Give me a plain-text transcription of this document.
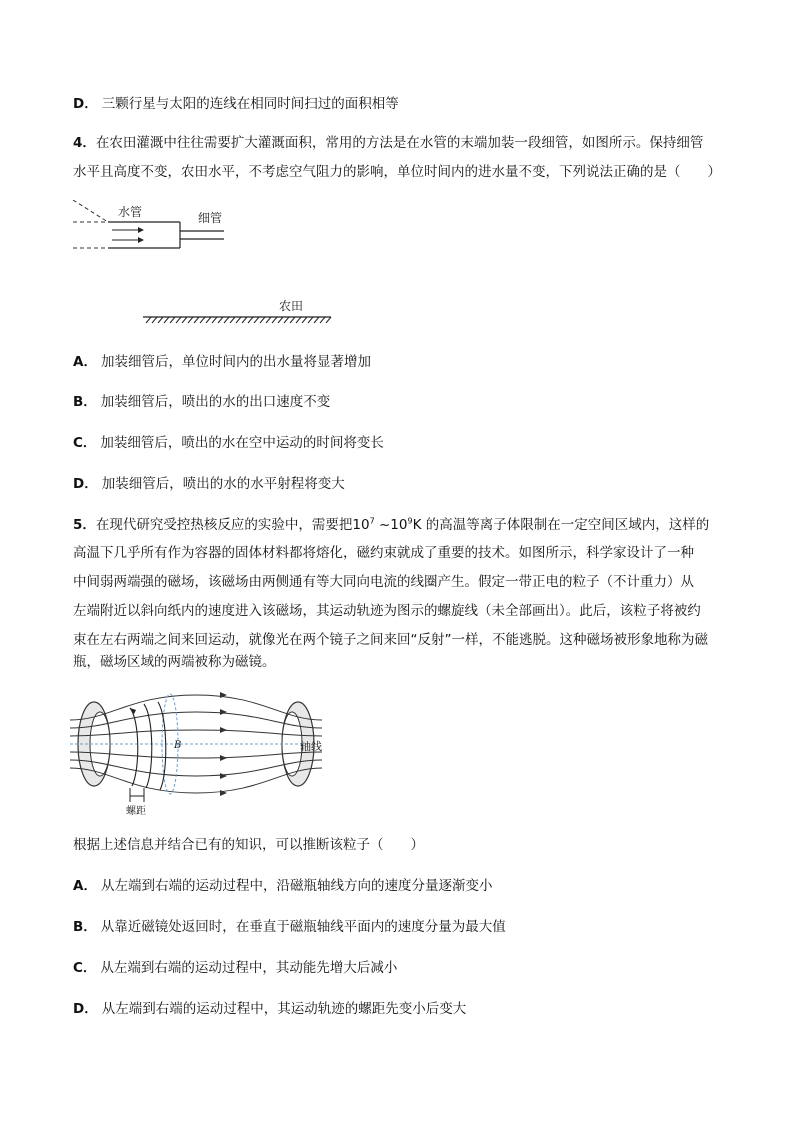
D． 三颗行星与太阳的连线在相同时间扫过的面积相等
4．在农田灌溉中往往需要扩大灌溉面积，常用的方法是在水管的末端加装一段细管，如图所示。保持细管
水平且高度不变，农田水平，不考虑空气阻力的影响，单位时间内的进水量不变，下列说法正确的是（　　）
水管	细管
农田
A． 加装细管后，单位时间内的出水量将显著增加
B． 加装细管后，喷出的水的出口速度不变
C． 加装细管后，喷出的水在空中运动的时间将变长
D． 加装细管后，喷出的水的水平射程将变大
5．在现代研究受控热核反应的实验中，需要把$10^7$ $\sim 10^9K$ 的高温等离子体限制在一定空间区域内，这样的
高温下几乎所有作为容器的固体材料都将熔化，磁约束就成了重要的技术。如图所示，科学家设计了一种
中间弱两端强的磁场，该磁场由两侧通有等大同向电流的线圈产生。假定一带正电的粒子（不计重力）从
左端附近以斜向纸内的速度进入该磁场，其运动轨迹为图示的螺旋线（未全部画出）。此后，该粒子将被约
束在左右两端之间来回运动，就像光在两个镜子之间来回“反射”一样，不能逃脱。这种磁场被形象地称为磁
瓶，磁场区域的两端被称为磁镜。
B	轴线
螺距
根据上述信息并结合已有的知识，可以推断该粒子（　　）
A． 从左端到右端的运动过程中，沿磁瓶轴线方向的速度分量逐渐变小
B． 从靠近磁镜处返回时，在垂直于磁瓶轴线平面内的速度分量为最大值
C． 从左端到右端的运动过程中，其动能先增大后减小
D． 从左端到右端的运动过程中，其运动轨迹的螺距先变小后变大
